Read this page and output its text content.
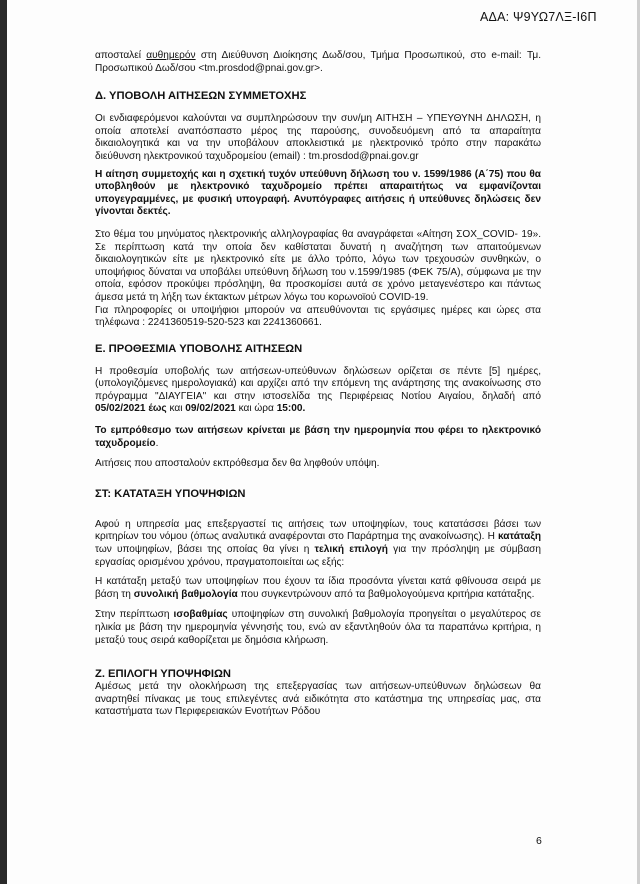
ΑΔΑ: Ψ9ΥΩ7ΛΞ-Ι6Π

αποσταλεί αυθημερόν στη Διεύθυνση Διοίκησης Δωδ/σου, Τμήμα Προσωπικού, στο e-mail: Τμ. Προσωπικού Δωδ/σου <tm.prosdod@pnai.gov.gr>.

Δ. ΥΠΟΒΟΛΗ ΑΙΤΗΣΕΩΝ ΣΥΜΜΕΤΟΧΗΣ

Οι ενδιαφερόμενοι καλούνται να συμπληρώσουν την συν/μη ΑΙΤΗΣΗ – ΥΠΕΥΘΥΝΗ ΔΗΛΩΣΗ, η οποία αποτελεί αναπόσπαστο μέρος της παρούσης, συνοδευόμενη από τα απαραίτητα δικαιολογητικά και να την υποβάλουν αποκλειστικά με ηλεκτρονικό τρόπο στην παρακάτω διεύθυνση ηλεκτρονικού ταχυδρομείου (email) : tm.prosdod@pnai.gov.gr

Η αίτηση συμμετοχής και η σχετική τυχόν υπεύθυνη δήλωση του ν. 1599/1986 (Α΄75) που θα υποβληθούν με ηλεκτρονικό ταχυδρομείο πρέπει απαραιτήτως να εμφανίζονται υπογεγραμμένες, με φυσική υπογραφή. Ανυπόγραφες αιτήσεις ή υπεύθυνες δηλώσεις δεν γίνονται δεκτές.

Στο θέμα του μηνύματος ηλεκτρονικής αλληλογραφίας θα αναγράφεται «Αίτηση ΣΟΧ_COVID- 19». Σε περίπτωση κατά την οποία δεν καθίσταται δυνατή η αναζήτηση των απαιτούμενων δικαιολογητικών είτε με ηλεκτρονικό είτε με άλλο τρόπο, λόγω των τρεχουσών συνθηκών, ο υποψήφιος δύναται να υποβάλει υπεύθυνη δήλωση του ν.1599/1985 (ΦΕΚ 75/Α), σύμφωνα με την οποία, εφόσον προκύψει πρόσληψη, θα προσκομίσει αυτά σε χρόνο μεταγενέστερο και πάντως άμεσα μετά τη λήξη των έκτακτων μέτρων λόγω του κορωνοϊού COVID-19.

Για πληροφορίες οι υποψήφιοι μπορούν να απευθύνονται τις εργάσιμες ημέρες και ώρες στα τηλέφωνα : 2241360519-520-523 και 2241360661.

Ε. ΠΡΟΘΕΣΜΙΑ ΥΠΟΒΟΛΗΣ ΑΙΤΗΣΕΩΝ

Η προθεσμία υποβολής των αιτήσεων-υπεύθυνων δηλώσεων ορίζεται σε πέντε [5] ημέρες, (υπολογιζόμενες ημερολογιακά) και αρχίζει από την επόμενη της ανάρτησης της ανακοίνωσης στο πρόγραμμα "ΔΙΑΥΓΕΙΑ" και στην ιστοσελίδα της Περιφέρειας Νοτίου Αιγαίου, δηλαδή από 05/02/2021 έως και 09/02/2021 και ώρα 15:00.

Το εμπρόθεσμο των αιτήσεων κρίνεται με βάση την ημερομηνία που φέρει το ηλεκτρονικό ταχυδρομείο.

Αιτήσεις που αποσταλούν εκπρόθεσμα δεν θα ληφθούν υπόψη.

ΣΤ: ΚΑΤΑΤΑΞΗ ΥΠΟΨΗΦΙΩΝ

Αφού η υπηρεσία μας επεξεργαστεί τις αιτήσεις των υποψηφίων, τους κατατάσσει βάσει των κριτηρίων του νόμου (όπως αναλυτικά αναφέρονται στο Παράρτημα της ανακοίνωσης). Η κατάταξη των υποψηφίων, βάσει της οποίας θα γίνει η τελική επιλογή για την πρόσληψη με σύμβαση εργασίας ορισμένου χρόνου, πραγματοποιείται ως εξής:

Η κατάταξη μεταξύ των υποψηφίων που έχουν τα ίδια προσόντα γίνεται κατά φθίνουσα σειρά με βάση τη συνολική βαθμολογία που συγκεντρώνουν από τα βαθμολογούμενα κριτήρια κατάταξης.

Στην περίπτωση ισοβαθμίας υποψηφίων στη συνολική βαθμολογία προηγείται ο μεγαλύτερος σε ηλικία με βάση την ημερομηνία γέννησής του, ενώ αν εξαντληθούν όλα τα παραπάνω κριτήρια, η μεταξύ τους σειρά καθορίζεται με δημόσια κλήρωση.

Ζ. ΕΠΙΛΟΓΗ ΥΠΟΨΗΦΙΩΝ

Αμέσως μετά την ολοκλήρωση της επεξεργασίας των αιτήσεων-υπεύθυνων δηλώσεων θα αναρτηθεί πίνακας με τους επιλεγέντες ανά ειδικότητα στο κατάστημα της υπηρεσίας μας, στα καταστήματα των Περιφερειακών Ενοτήτων Ρόδου

6
